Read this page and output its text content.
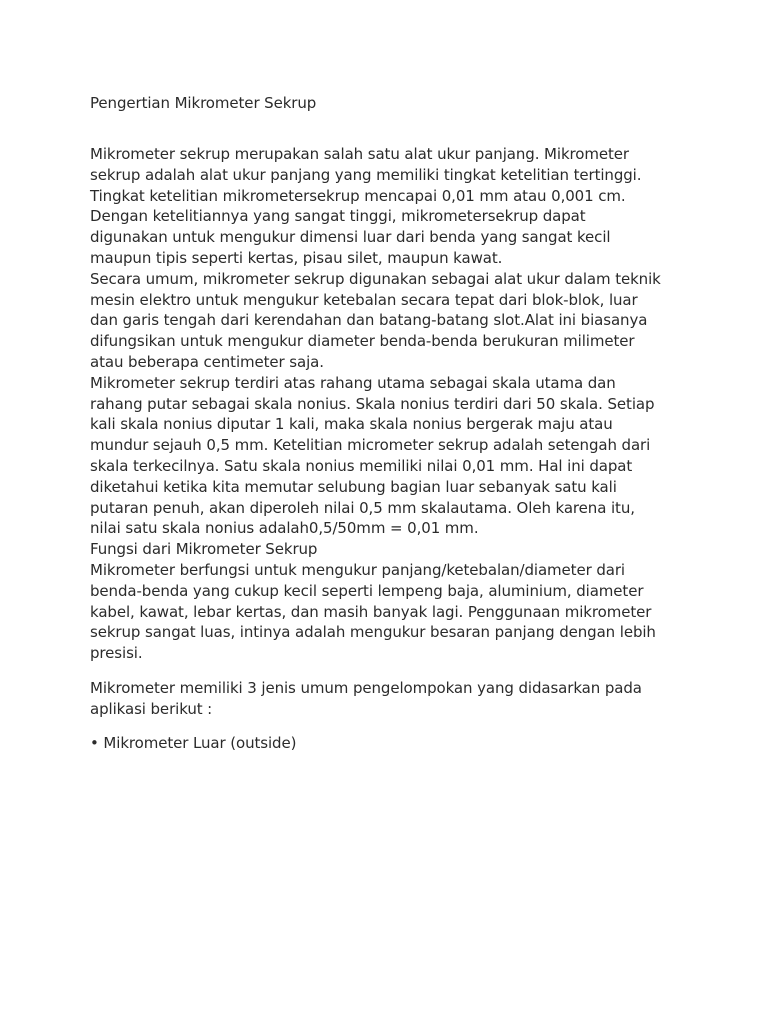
Pengertian Mikrometer Sekrup

Mikrometer sekrup merupakan salah satu alat ukur panjang. Mikrometer

sekrup adalah alat ukur panjang yang memiliki tingkat ketelitian tertinggi.

Tingkat ketelitian mikrometersekrup mencapai 0,01 mm atau 0,001 cm.

Dengan ketelitiannya yang sangat tinggi, mikrometersekrup dapat

digunakan untuk mengukur dimensi luar dari benda yang sangat kecil

maupun tipis seperti kertas, pisau silet, maupun kawat.

Secara umum, mikrometer sekrup digunakan sebagai alat ukur dalam teknik

mesin elektro untuk mengukur ketebalan secara tepat dari blok-blok, luar

dan garis tengah dari kerendahan dan batang-batang slot.Alat ini biasanya

difungsikan untuk mengukur diameter benda-benda berukuran milimeter

atau beberapa centimeter saja.

Mikrometer sekrup terdiri atas rahang utama sebagai skala utama dan

rahang putar sebagai skala nonius. Skala nonius terdiri dari 50 skala. Setiap

kali skala nonius diputar 1 kali, maka skala nonius bergerak maju atau

mundur sejauh 0,5 mm. Ketelitian micrometer sekrup adalah setengah dari

skala terkecilnya. Satu skala nonius memiliki nilai 0,01 mm. Hal ini dapat

diketahui ketika kita memutar selubung bagian luar sebanyak satu kali

putaran penuh, akan diperoleh nilai 0,5 mm skalautama. Oleh karena itu,

nilai satu skala nonius adalah0,5/50mm = 0,01 mm.

Fungsi dari Mikrometer Sekrup

Mikrometer berfungsi untuk mengukur panjang/ketebalan/diameter dari

benda-benda yang cukup kecil seperti lempeng baja, aluminium, diameter

kabel, kawat, lebar kertas, dan masih banyak lagi. Penggunaan mikrometer

sekrup sangat luas, intinya adalah mengukur besaran panjang dengan lebih

presisi.

Mikrometer memiliki 3 jenis umum pengelompokan yang didasarkan pada

aplikasi berikut :

• Mikrometer Luar (outside)
